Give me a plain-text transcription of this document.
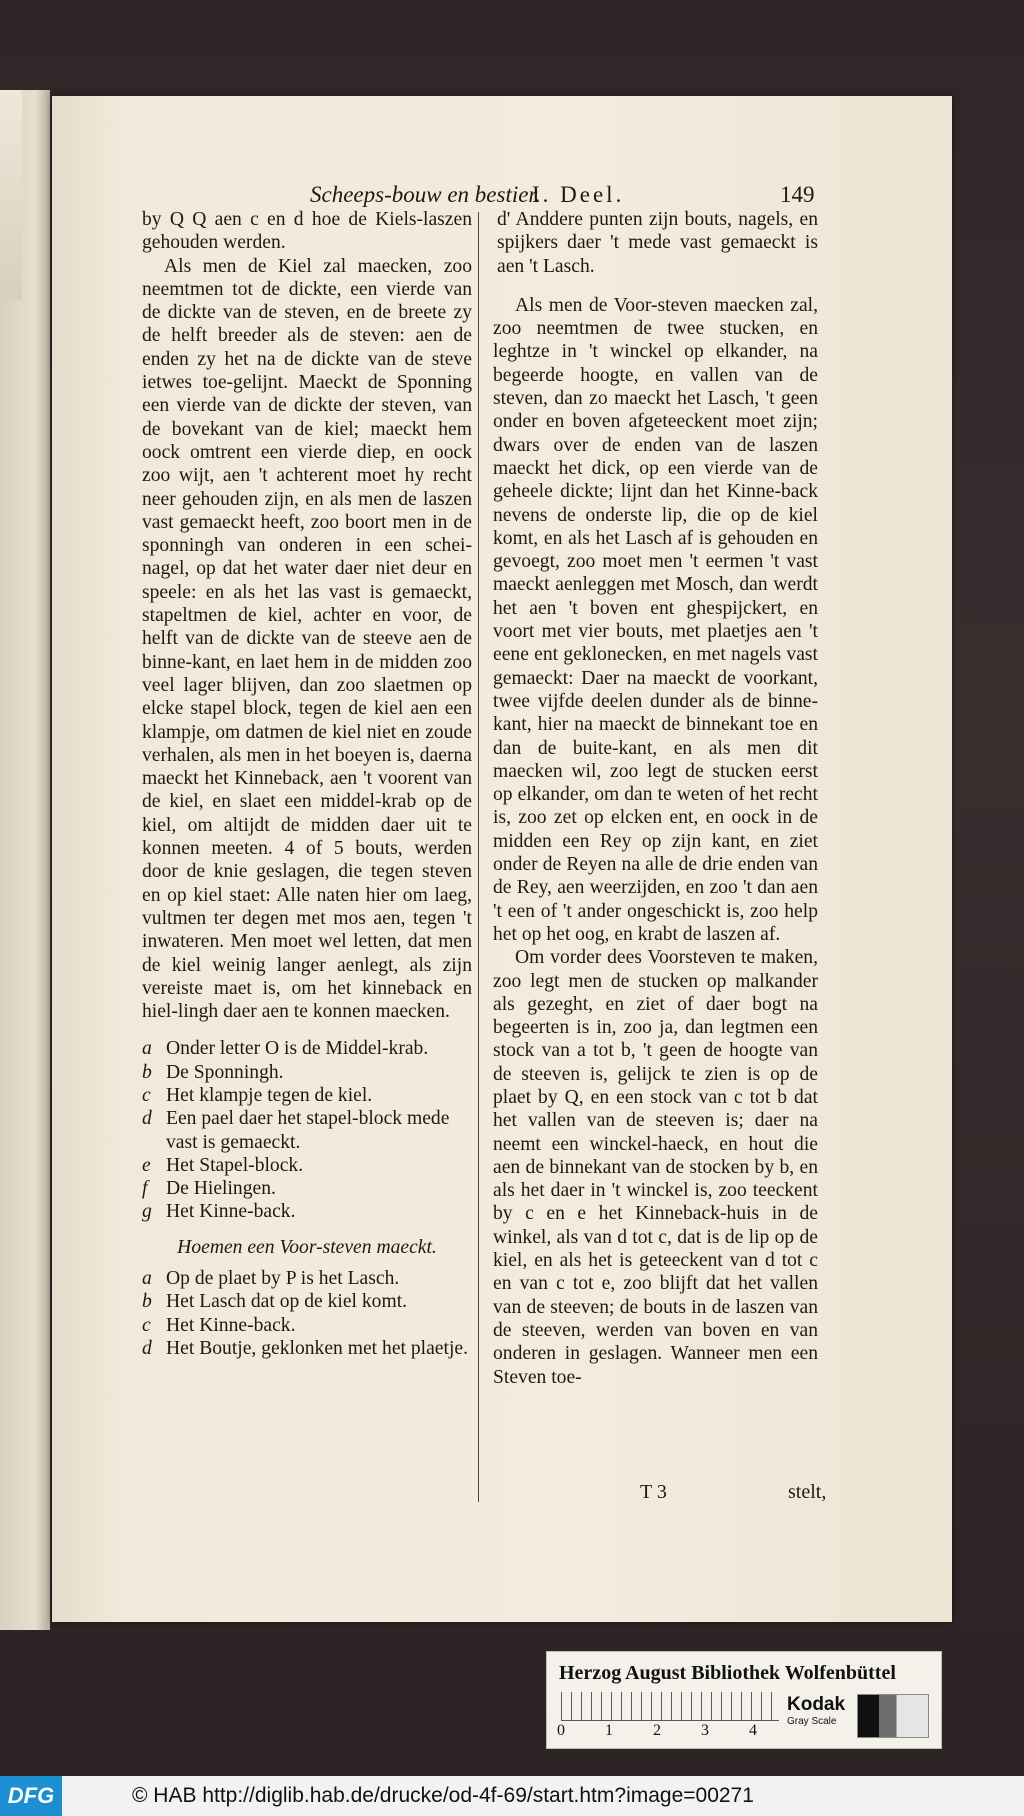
Scheeps-bouw en bestier.
I. Deel.	149

by Q Q aen c en d hoe de Kiels-laszen gehouden werden.

Als men de Kiel zal maecken, zoo neemtmen tot de dickte, een vierde van de dickte van de steven, en de breete zy de helft breeder als de steven: aen de enden zy het na de dickte van de steve ietwes toe-gelijnt. Maeckt de Sponning een vierde van de dickte der steven, van de bovekant van de kiel; maeckt hem oock omtrent een vierde diep, en oock zoo wijt, aen 't achterent moet hy recht neer gehouden zijn, en als men de laszen vast gemaeckt heeft, zoo boort men in de sponningh van onderen in een schei-nagel, op dat het water daer niet deur en speele: en als het las vast is gemaeckt, stapeltmen de kiel, achter en voor, de helft van de dickte van de steeve aen de binne-kant, en laet hem in de midden zoo veel lager blijven, dan zoo slaetmen op elcke stapel block, tegen de kiel aen een klampje, om datmen de kiel niet en zoude verhalen, als men in het boeyen is, daerna maeckt het Kinneback, aen 't voorent van de kiel, en slaet een middel-krab op de kiel, om altijdt de midden daer uit te konnen meeten. 4 of 5 bouts, werden door de knie geslagen, die tegen steven en op kiel staet: Alle naten hier om laeg, vultmen ter degen met mos aen, tegen 't inwateren. Men moet wel letten, dat men de kiel weinig langer aenlegt, als zijn vereiste maet is, om het kinneback en hiel-lingh daer aen te konnen maecken.

a Onder letter O is de Middel-krab.
b De Sponningh.
c Het klampje tegen de kiel.
d Een pael daer het stapel-block mede vast is gemaeckt.
e Het Stapel-block.
f De Hielingen.
g Het Kinne-back.
Hoemen een Voor-steven maeckt.
a Op de plaet by P is het Lasch.
b Het Lasch dat op de kiel komt.
c Het Kinne-back.
d Het Boutje, geklonken met het plaetje.

d' Anddere punten zijn bouts, nagels, en spijkers daer 't mede vast gemaeckt is aen 't Lasch.

Als men de Voor-steven maecken zal, zoo neemtmen de twee stucken, en leghtze in 't winckel op elkander, na begeerde hoogte, en vallen van de steven, dan zo maeckt het Lasch, 't geen onder en boven afgeteeckent moet zijn; dwars over de enden van de laszen maeckt het dick, op een vierde van de geheele dickte; lijnt dan het Kinne-back nevens de onderste lip, die op de kiel komt, en als het Lasch af is gehouden en gevoegt, zoo moet men 't eermen 't vast maeckt aenleggen met Mosch, dan werdt het aen 't boven ent ghespijckert, en voort met vier bouts, met plaetjes aen 't eene ent geklonecken, en met nagels vast gemaeckt: Daer na maeckt de voorkant, twee vijfde deelen dunder als de binne-kant, hier na maeckt de binnekant toe en dan de buite-kant, en als men dit maecken wil, zoo legt de stucken eerst op elkander, om dan te weten of het recht is, zoo zet op elcken ent, en oock in de midden een Rey op zijn kant, en ziet onder de Reyen na alle de drie enden van de Rey, aen weerzijden, en zoo 't dan aen 't een of 't ander ongeschickt is, zoo help het op het oog, en krabt de laszen af.

Om vorder dees Voorsteven te maken, zoo legt men de stucken op malkander als gezeght, en ziet of daer bogt na begeerten is in, zoo ja, dan legtmen een stock van a tot b, 't geen de hoogte van de steeven is, gelijck te zien is op de plaet by Q, en een stock van c tot b dat het vallen van de steeven is; daer na neemt een winckel-haeck, en hout die aen de binnekant van de stocken by b, en als het daer in 't winckel is, zoo teeckent by c en e het Kinneback-huis in de winkel, als van d tot c, dat is de lip op de kiel, en als het is geteeckent van d tot c en van c tot e, zoo blijft dat het vallen van de steeven; de bouts in de laszen van de steeven, werden van boven en van onderen in geslagen. Wanneer men een Steven toe-

T 3	stelt,
Herzog August Bibliothek Wolfenbüttel
0	1	2	3	4
Kodak
Gray Scale
DFG	© HAB http://diglib.hab.de/drucke/od-4f-69/start.htm?image=00271
